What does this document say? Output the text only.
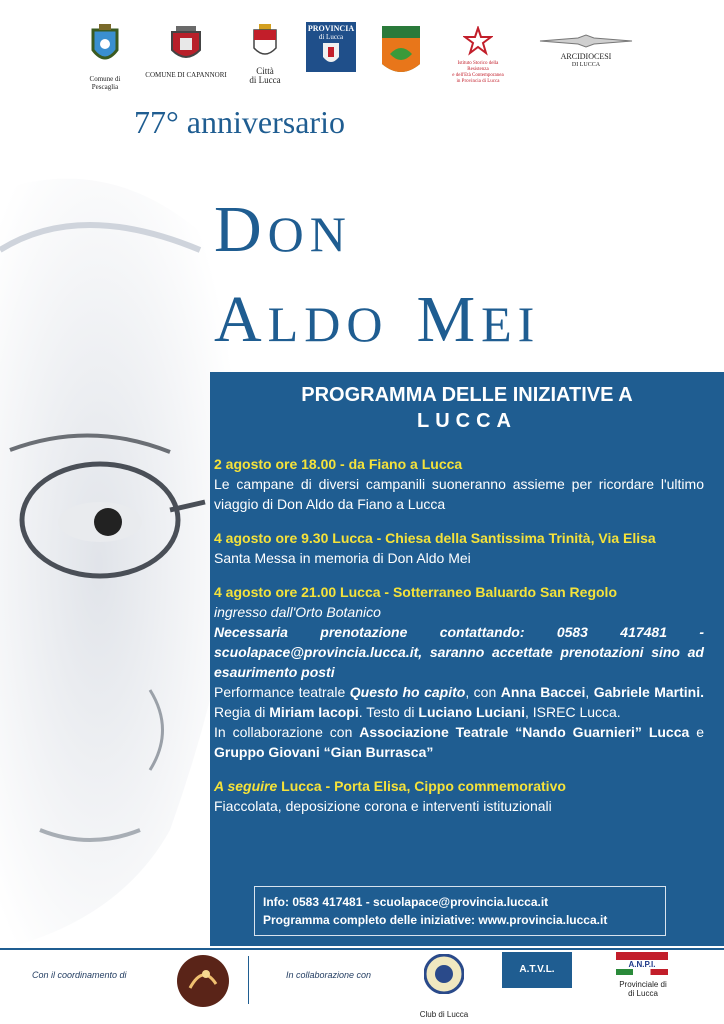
Comune di
Pescaglia
COMUNE DI CAPANNORI	Città
di Lucca
PROVINCIA
di Lucca
Istituto Storico della Resistenza
e dell'Età Contemporanea
in Provincia di Lucca
ARCIDIOCESI
DI LUCCA
77° anniversario
DON
ALDO MEI
PROGRAMMA DELLE INIZIATIVE A
LUCCA
2 agosto ore 18.00 - da Fiano a Lucca
Le campane di diversi campanili suoneranno assieme per ricordare l'ultimo viaggio di Don Aldo da Fiano a Lucca
4 agosto ore 9.30 Lucca - Chiesa della Santissima Trinità, Via Elisa
Santa Messa in memoria di Don Aldo Mei
4 agosto ore 21.00 Lucca - Sotterraneo Baluardo San Regolo
ingresso dall'Orto Botanico
Necessaria prenotazione contattando: 0583 417481 - scuolapace@provincia.lucca.it, saranno accettate prenotazioni sino ad esaurimento posti
Performance teatrale Questo ho capito, con Anna Baccei, Gabriele Martini. Regia di Miriam Iacopi. Testo di Luciano Luciani, ISREC Lucca.
In collaborazione con Associazione Teatrale “Nando Guarnieri” Lucca e Gruppo Giovani “Gian Burrasca”
A seguire Lucca - Porta Elisa, Cippo commemorativo
Fiaccolata, deposizione corona e interventi istituzionali
Info: 0583 417481 - scuolapace@provincia.lucca.it
Programma completo delle iniziative: www.provincia.lucca.it
Con il coordinamento di	In collaborazione con
Club di Lucca
A.T.V.L.	A.N.P.I.
Provinciale di
di Lucca
